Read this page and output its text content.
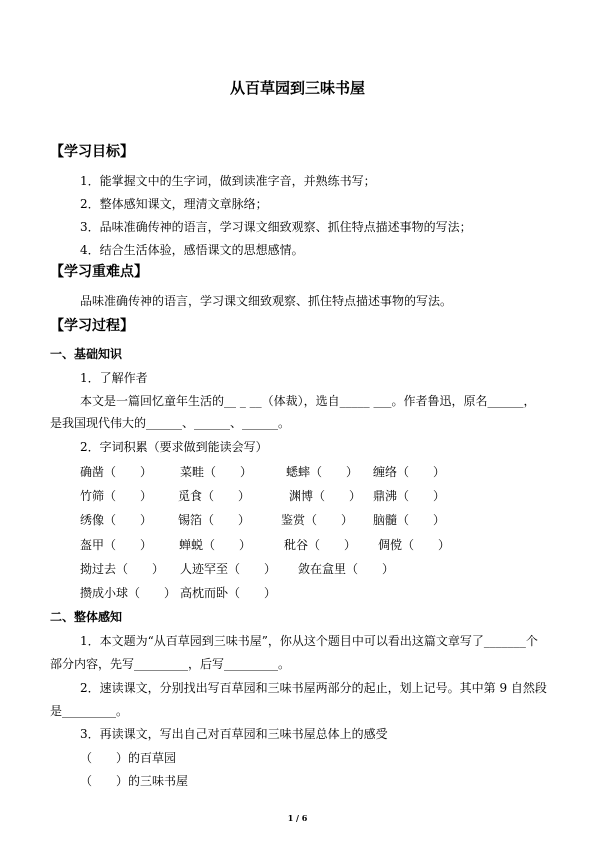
从百草园到三味书屋
【学习目标】
1．能掌握文中的生字词，做到读准字音，并熟练书写；
2．整体感知课文，理清文章脉络；
3．品味准确传神的语言，学习课文细致观察、抓住特点描述事物的写法；
4．结合生活体验，感悟课文的思想感情。
【学习重难点】
品味准确传神的语言，学习课文细致观察、抓住特点描述事物的写法。
【学习过程】
一、基础知识
1．了解作者
本文是一篇回忆童年生活的__ _ __（体裁），选自_____ ___。作者鲁迅，原名______，
是我国现代伟大的______、______、______。
2．字词积累（要求做到能读会写）
确凿（　　） 菜畦（　　）	蟋蟀（　　） 缠络（　　）
竹筛（　　） 觅食（　　）	渊博（　　） 鼎沸（　　）
绣像（　　） 锡箔（　　）	鉴赏（　　） 脑髓（　　）
盔甲（　　） 蝉蜕（　　）	秕谷（　　） 倜傥（　　）
拗过去（　　） 人迹罕至（　　） 敛在盒里（　　）
攒成小球（　　） 高枕而卧（　　）
二、整体感知
1．本文题为“从百草园到三味书屋”，你从这个题目中可以看出这篇文章写了_______个
部分内容，先写_________，后写_________。
2．速读课文，分别找出写百草园和三味书屋两部分的起止，划上记号。其中第 9 自然段
是_________。
3．再读课文，写出自己对百草园和三味书屋总体上的感受
（　　）的百草园
（　　）的三味书屋
1 / 6
